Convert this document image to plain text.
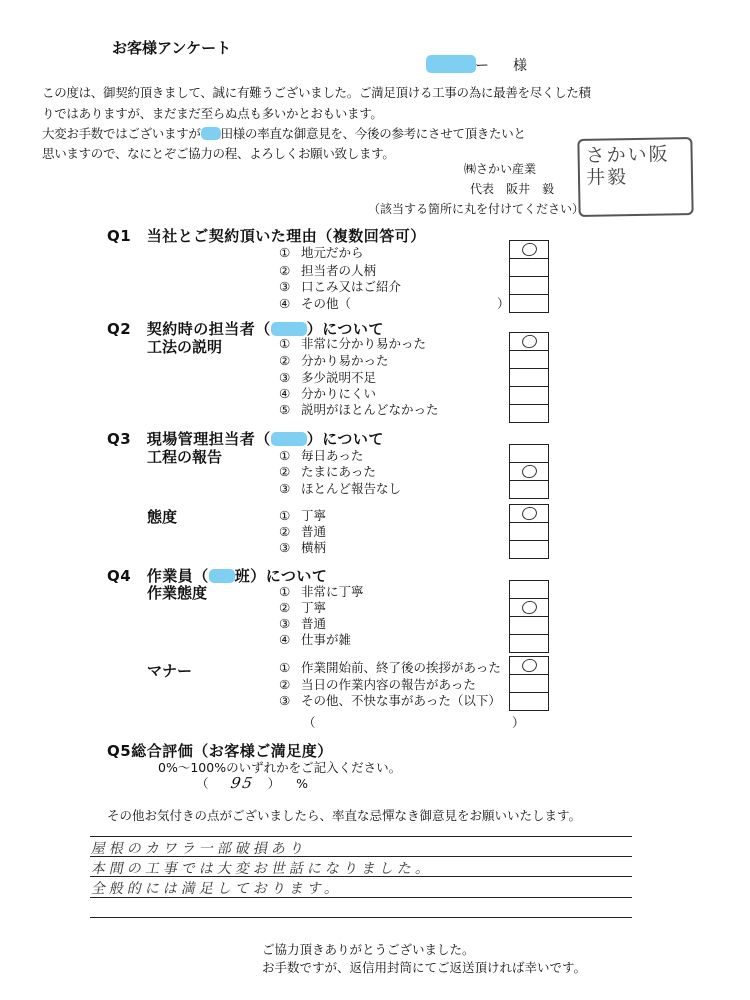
お客様アンケート
ー 様
この度は、御契約頂きまして、誠に有難うございました。ご満足頂ける工事の為に最善を尽くした積
りではありますが、まだまだ至らぬ点も多いかとおもいます。
大変お手数ではございますが 田様の率直な御意見を、今後の参考にさせて頂きたいと
思いますので、なにとぞご協力の程、よろしくお願い致します。
㈱さかい産業
代表　阪井　毅
さかい阪井毅
（該当する箇所に丸を付けてください）
Q1　当社とご契約頂いた理由（複数回答可）
① 地元だから
② 担当者の人柄
③ 口こみ又はご紹介
④ その他（	）
Q2　契約時の担当者（ ）について
工法の説明	① 非常に分かり易かった
② 分かり易かった
③ 多少説明不足
④ 分かりにくい
⑤ 説明がほとんどなかった
Q3　現場管理担当者（ ）について
工程の報告	① 毎日あった
② たまにあった
③ ほとんど報告なし
態度	① 丁寧
② 普通
③ 横柄
Q4　作業員（ 班）について
作業態度	① 非常に丁寧
② 丁寧
③ 普通
④ 仕事が雑
マナー	① 作業開始前、終了後の挨拶があった
② 当日の作業内容の報告があった
③ その他、不快な事があった（以下）
（	）
Q5総合評価（お客様ご満足度）
0%～100%のいずれかをご記入ください。
（ 95 ） %
その他お気付きの点がございましたら、率直な忌憚なき御意見をお願いいたします。
屋根のカワラ一部破損あり
本間の工事では大変お世話になりました。
全般的には満足しております。
ご協力頂きありがとうございました。
お手数ですが、返信用封筒にてご返送頂ければ幸いです。
